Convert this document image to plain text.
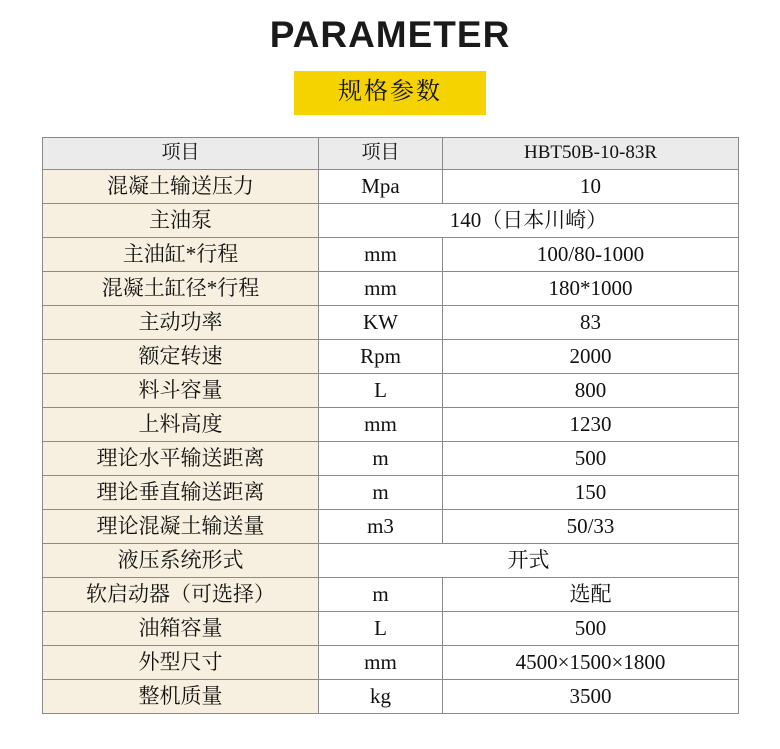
PARAMETER
规格参数
项目	项目	HBT50B-10-83R
混凝土输送压力	Mpa	10
主油泵	140（日本川崎）	
主油缸*行程	mm	100/80-1000
混凝土缸径*行程	mm	180*1000
主动功率	KW	83
额定转速	Rpm	2000
料斗容量	L	800
上料高度	mm	1230
理论水平输送距离	m	500
理论垂直输送距离	m	150
理论混凝土输送量	m3	50/33
液压系统形式	开式	
软启动器（可选择）	m	选配
油箱容量	L	500
外型尺寸	mm	4500×1500×1800
整机质量	kg	3500
